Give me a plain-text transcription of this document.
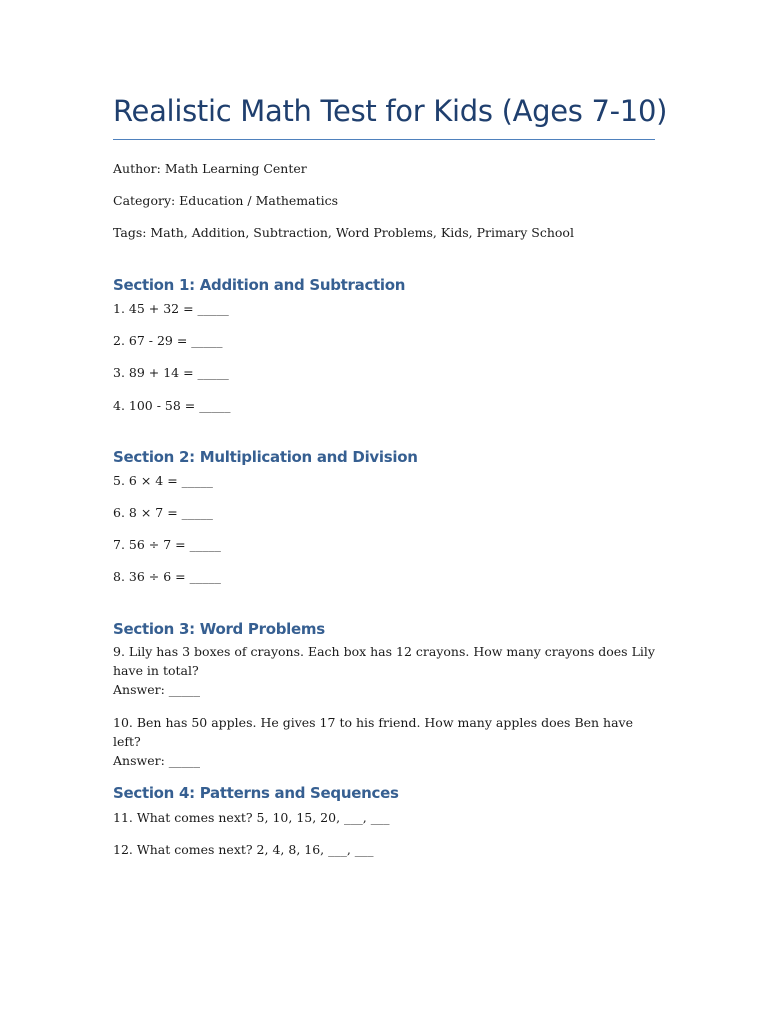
Realistic Math Test for Kids (Ages 7-10)
Author: Math Learning Center
Category: Education / Mathematics
Tags: Math, Addition, Subtraction, Word Problems, Kids, Primary School
Section 1: Addition and Subtraction
1. 45 + 32 = _____
2. 67 - 29 = _____
3. 89 + 14 = _____
4. 100 - 58 = _____
Section 2: Multiplication and Division
5. 6 × 4 = _____
6. 8 × 7 = _____
7. 56 ÷ 7 = _____
8. 36 ÷ 6 = _____
Section 3: Word Problems
9. Lily has 3 boxes of crayons. Each box has 12 crayons. How many crayons does Lily have in total?
Answer: _____
10. Ben has 50 apples. He gives 17 to his friend. How many apples does Ben have left?
Answer: _____
Section 4: Patterns and Sequences
11. What comes next? 5, 10, 15, 20, ___, ___
12. What comes next? 2, 4, 8, 16, ___, ___
